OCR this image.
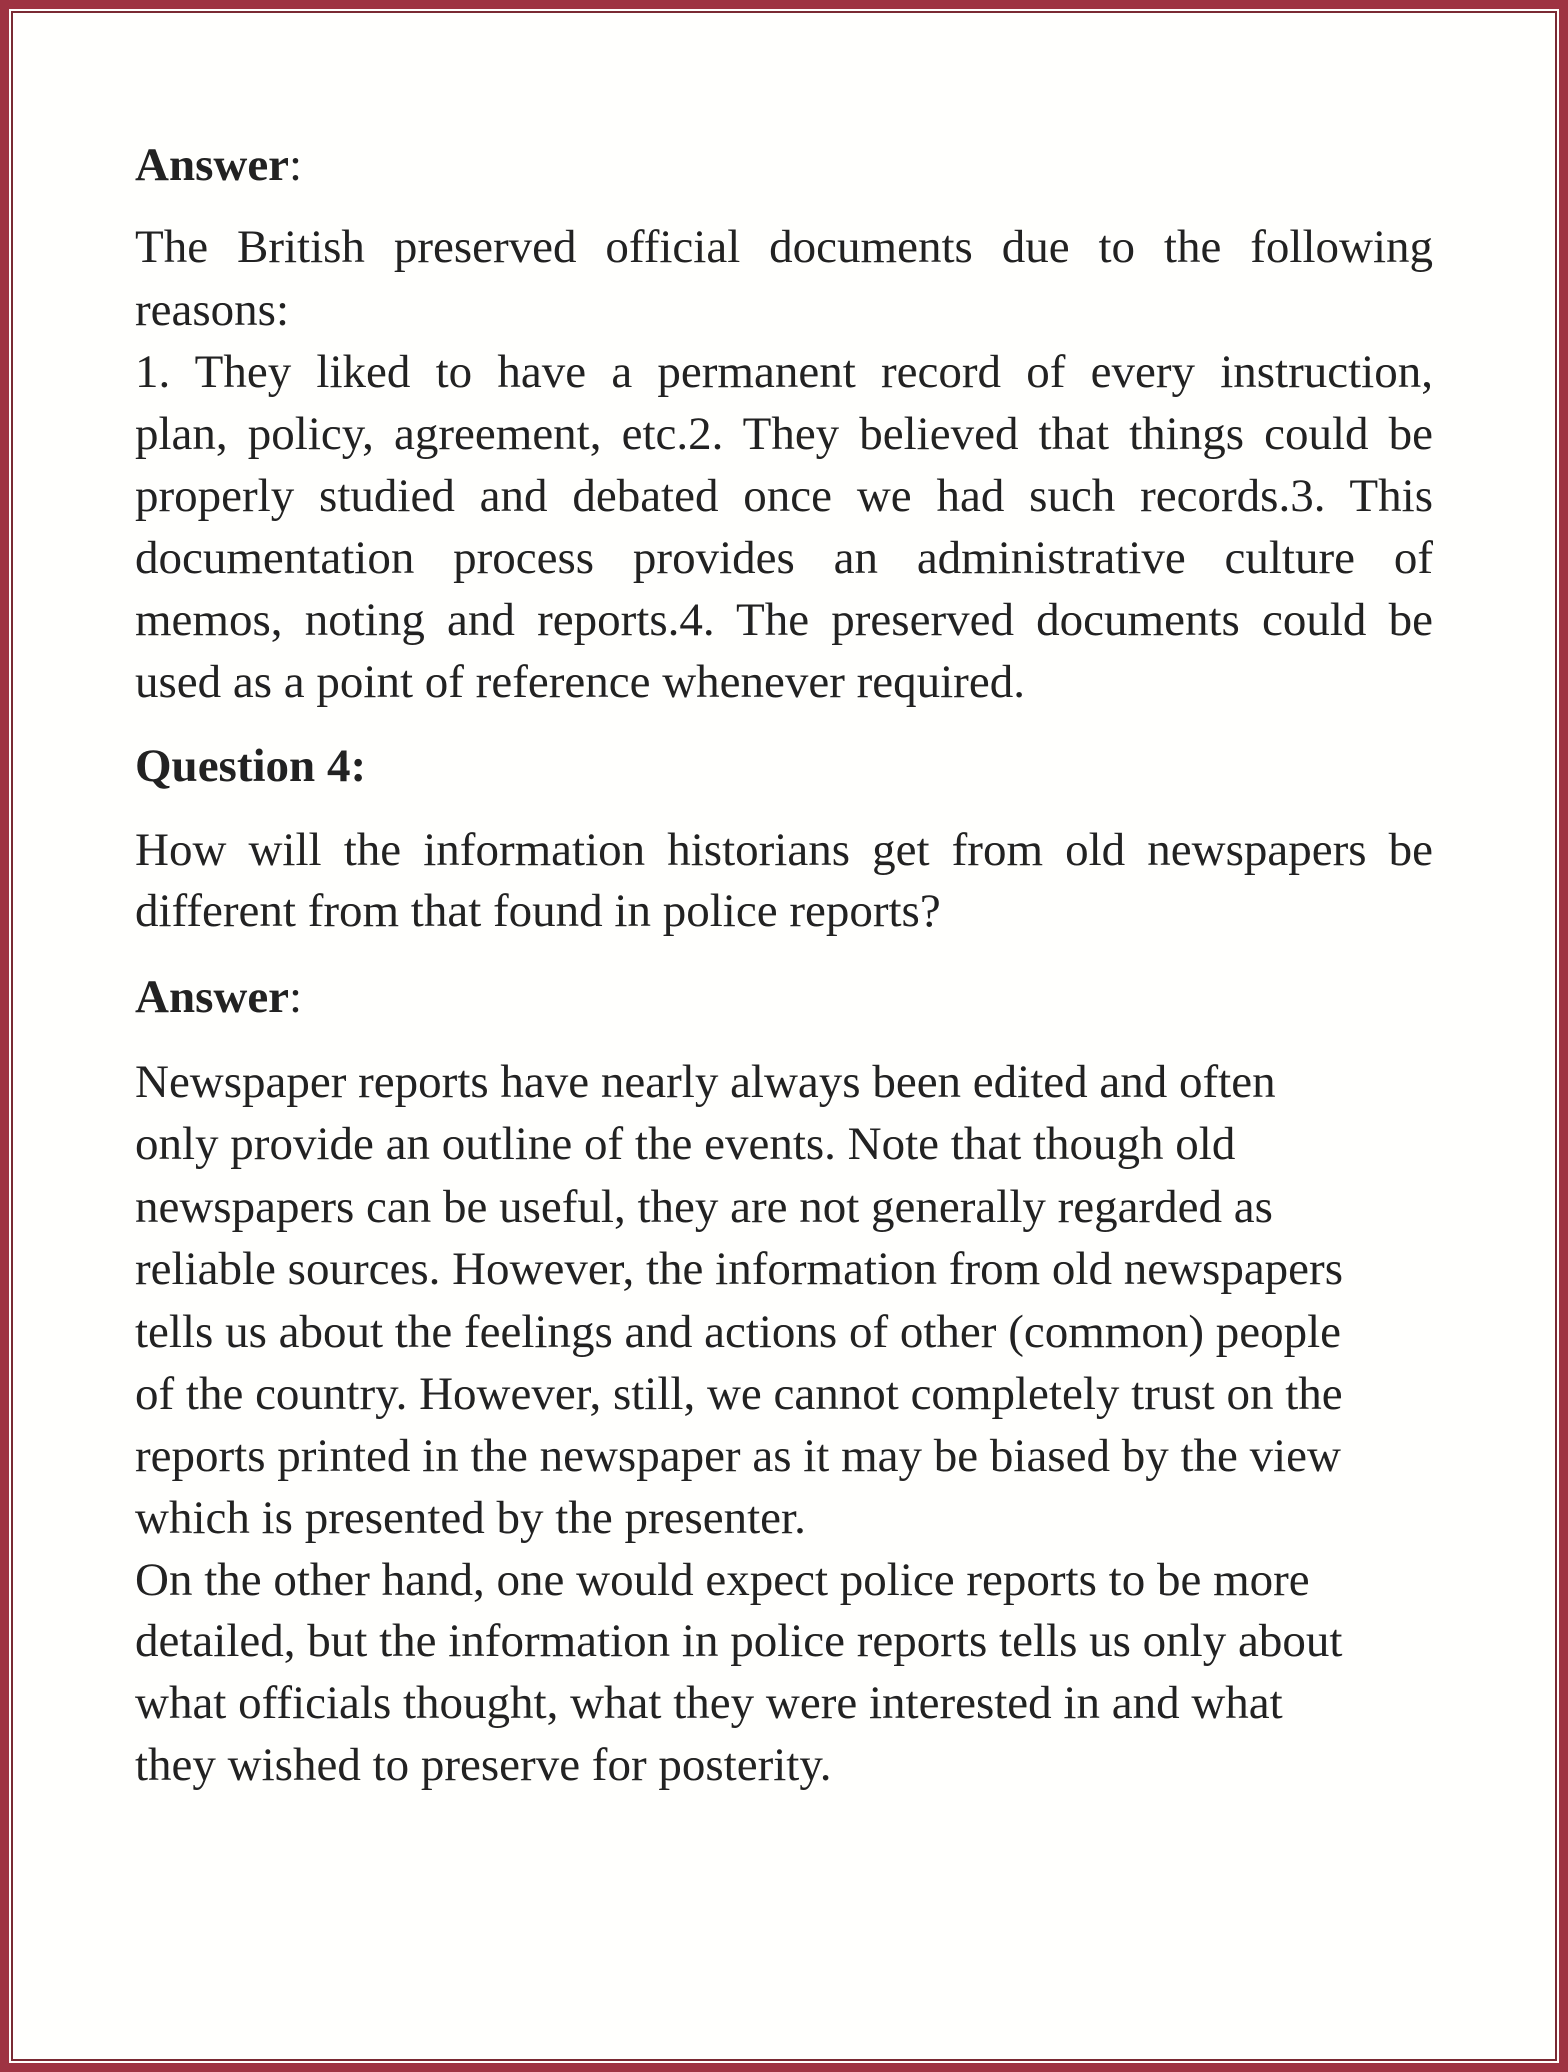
Answer:
The British preserved official documents due to the following
reasons:
1. They liked to have a permanent record of every instruction,
plan, policy, agreement, etc.2. They believed that things could be
properly studied and debated once we had such records.3. This
documentation process provides an administrative culture of
memos, noting and reports.4. The preserved documents could be
used as a point of reference whenever required.
Question 4:
How will the information historians get from old newspapers be
different from that found in police reports?
Answer:
Newspaper reports have nearly always been edited and often
only provide an outline of the events. Note that though old
newspapers can be useful, they are not generally regarded as
reliable sources. However, the information from old newspapers
tells us about the feelings and actions of other (common) people
of the country. However, still, we cannot completely trust on the
reports printed in the newspaper as it may be biased by the view
which is presented by the presenter.
On the other hand, one would expect police reports to be more
detailed, but the information in police reports tells us only about
what officials thought, what they were interested in and what
they wished to preserve for posterity.
